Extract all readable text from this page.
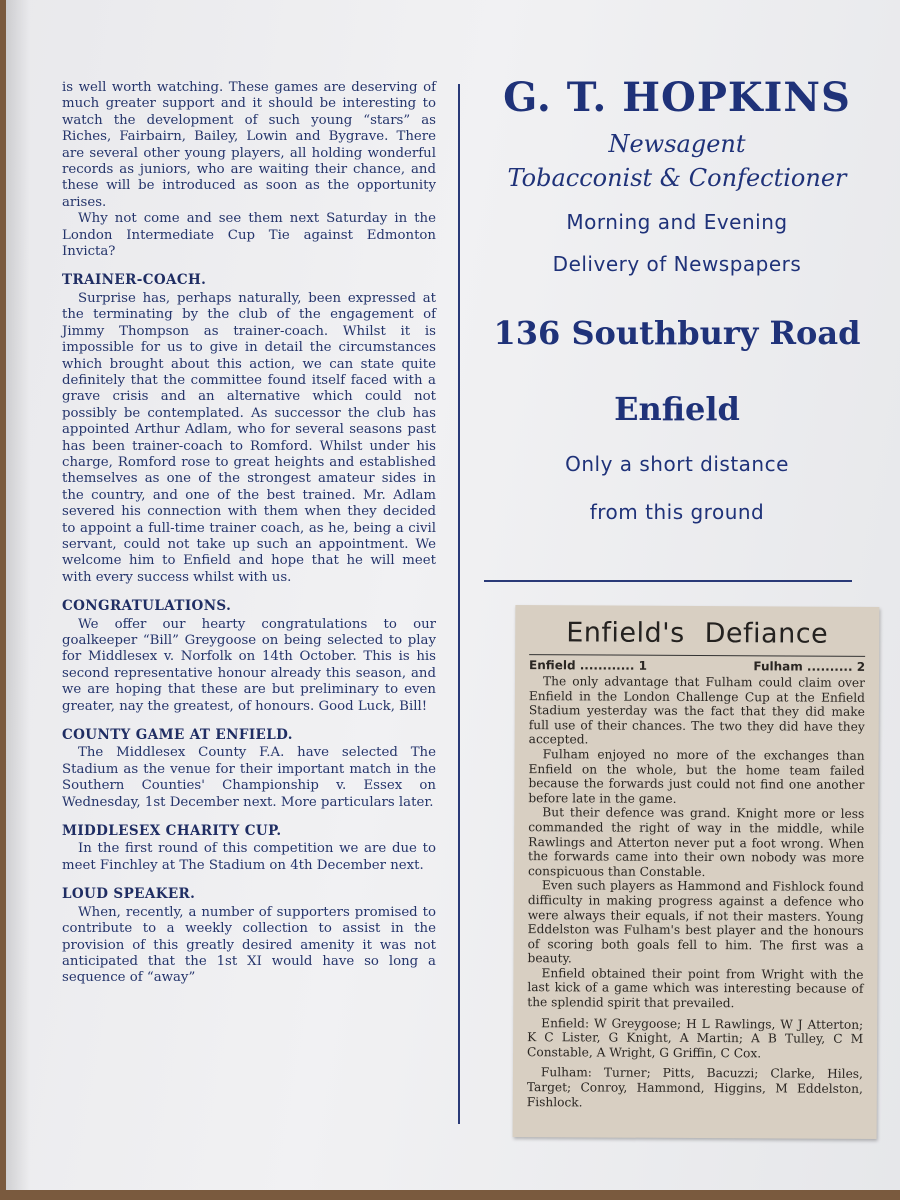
is well worth watching. These games are deserving of much greater support and it should be interesting to watch the development of such young “stars” as Riches, Fairbairn, Bailey, Lowin and Bygrave. There are several other young players, all holding wonderful records as juniors, who are waiting their chance, and these will be introduced as soon as the opportunity arises.

Why not come and see them next Saturday in the London Intermediate Cup Tie against Edmonton Invicta?

TRAINER-COACH.

Surprise has, perhaps naturally, been expressed at the terminating by the club of the engagement of Jimmy Thompson as trainer-coach. Whilst it is impossible for us to give in detail the circumstances which brought about this action, we can state quite definitely that the committee found itself faced with a grave crisis and an alternative which could not possibly be contemplated. As successor the club has appointed Arthur Adlam, who for several seasons past has been trainer-coach to Romford. Whilst under his charge, Romford rose to great heights and established themselves as one of the strongest amateur sides in the country, and one of the best trained. Mr. Adlam severed his connection with them when they decided to appoint a full-time trainer coach, as he, being a civil servant, could not take up such an appointment. We welcome him to Enfield and hope that he will meet with every success whilst with us.

CONGRATULATIONS.

We offer our hearty congratulations to our goalkeeper “Bill” Greygoose on being selected to play for Middlesex v. Norfolk on 14th October. This is his second representative honour already this season, and we are hoping that these are but preliminary to even greater, nay the greatest, of honours. Good Luck, Bill!

COUNTY GAME AT ENFIELD.

The Middlesex County F.A. have selected The Stadium as the venue for their important match in the Southern Counties' Championship v. Essex on Wednesday, 1st December next. More particulars later.

MIDDLESEX CHARITY CUP.

In the first round of this competition we are due to meet Finchley at The Stadium on 4th December next.

LOUD SPEAKER.

When, recently, a number of supporters promised to contribute to a weekly collection to assist in the provision of this greatly desired amenity it was not anticipated that the 1st XI would have so long a sequence of “away”

G. T. HOPKINS
Newsagent
Tobacconist & Confectioner
Morning and Evening
Delivery of Newspapers
136 Southbury Road
Enfield
Only a short distance
from this ground
Enfield's Defiance
Enfield ............ 1	Fulham .......... 2

The only advantage that Fulham could claim over Enfield in the London Challenge Cup at the Enfield Stadium yesterday was the fact that they did make full use of their chances. The two they did have they accepted.

Fulham enjoyed no more of the exchanges than Enfield on the whole, but the home team failed because the forwards just could not find one another before late in the game.

But their defence was grand. Knight more or less commanded the right of way in the middle, while Rawlings and Atterton never put a foot wrong. When the forwards came into their own nobody was more conspicuous than Constable.

Even such players as Hammond and Fishlock found difficulty in making progress against a defence who were always their equals, if not their masters. Young Eddelston was Fulham's best player and the honours of scoring both goals fell to him. The first was a beauty.

Enfield obtained their point from Wright with the last kick of a game which was interesting because of the splendid spirit that prevailed.

Enfield: W Greygoose; H L Rawlings, W J Atterton; K C Lister, G Knight, A Martin; A B Tulley, C M Constable, A Wright, G Griffin, C Cox.

Fulham: Turner; Pitts, Bacuzzi; Clarke, Hiles, Target; Conroy, Hammond, Higgins, M Eddelston, Fishlock.
